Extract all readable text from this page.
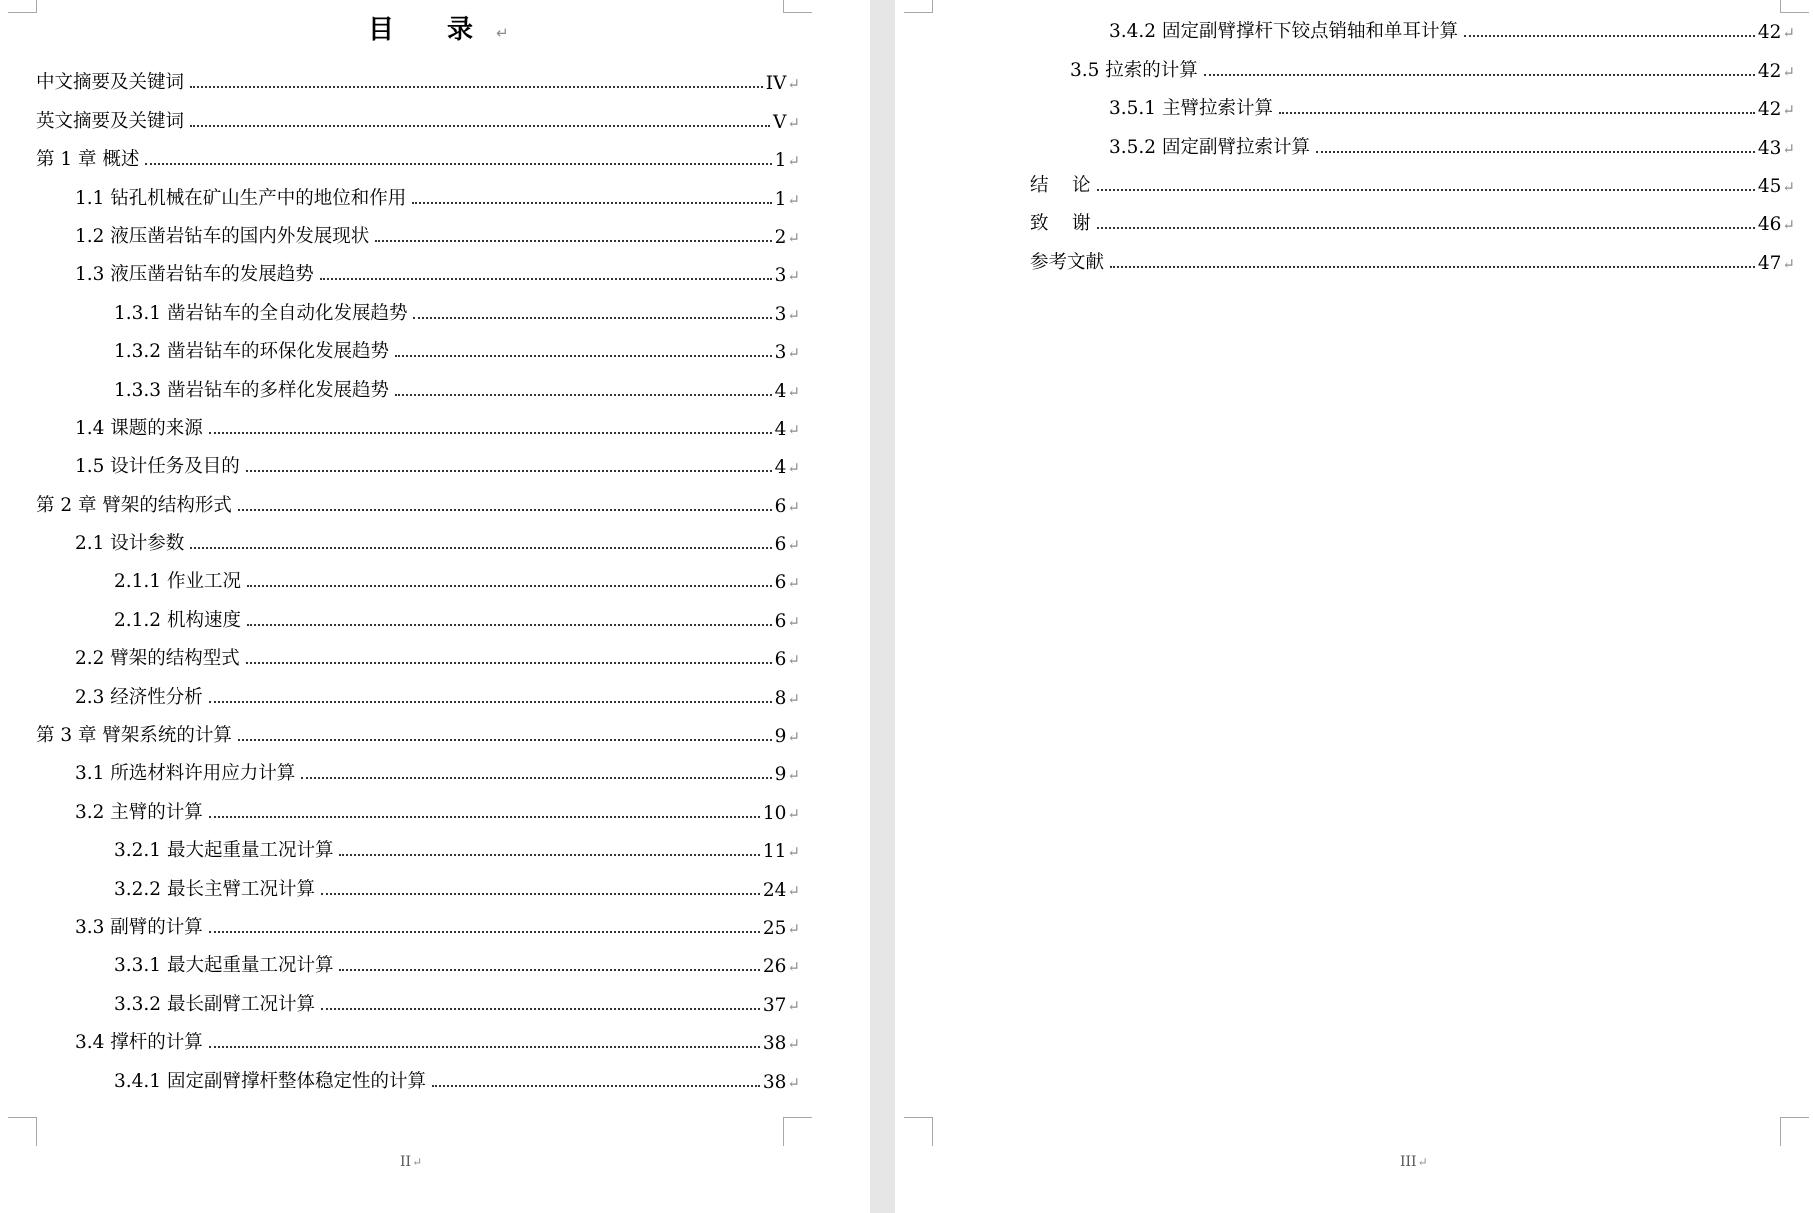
目 录↵
中文摘要及关键词	IV ↵
英文摘要及关键词	V ↵
第 1 章 概述	1 ↵
1.1 钻孔机械在矿山生产中的地位和作用	1 ↵
1.2 液压凿岩钻车的国内外发展现状	2 ↵
1.3 液压凿岩钻车的发展趋势	3 ↵
1.3.1 凿岩钻车的全自动化发展趋势	3 ↵
1.3.2 凿岩钻车的环保化发展趋势	3 ↵
1.3.3 凿岩钻车的多样化发展趋势	4 ↵
1.4 课题的来源	4 ↵
1.5 设计任务及目的	4 ↵
第 2 章 臂架的结构形式	6 ↵
2.1 设计参数	6 ↵
2.1.1 作业工况	6 ↵
2.1.2 机构速度	6 ↵
2.2 臂架的结构型式	6 ↵
2.3 经济性分析	8 ↵
第 3 章 臂架系统的计算	9 ↵
3.1 所选材料许用应力计算	9 ↵
3.2 主臂的计算	10 ↵
3.2.1 最大起重量工况计算	11 ↵
3.2.2 最长主臂工况计算	24 ↵
3.3 副臂的计算	25 ↵
3.3.1 最大起重量工况计算	26 ↵
3.3.2 最长副臂工况计算	37 ↵
3.4 撑杆的计算	38 ↵
3.4.1 固定副臂撑杆整体稳定性的计算	38 ↵
II↵
3.4.2 固定副臂撑杆下铰点销轴和单耳计算	42 ↵
3.5 拉索的计算	42 ↵
3.5.1 主臂拉索计算	42 ↵
3.5.2 固定副臂拉索计算	43 ↵
结    论	45 ↵
致    谢	46 ↵
参考文献	47 ↵
III↵
